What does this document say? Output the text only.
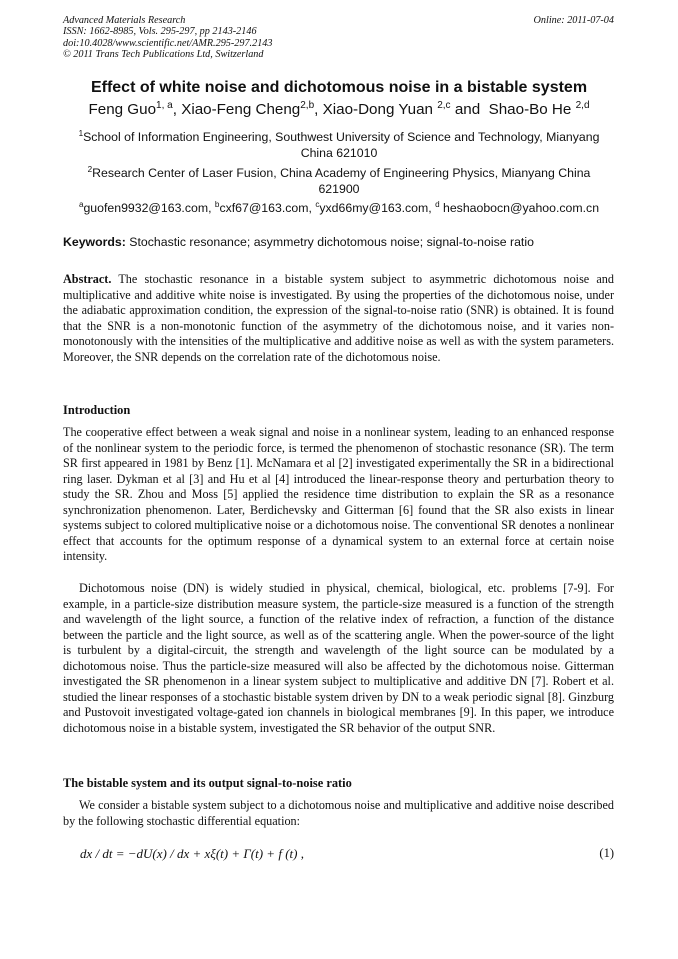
Advanced Materials Research
ISSN: 1662-8985, Vols. 295-297, pp 2143-2146
doi:10.4028/www.scientific.net/AMR.295-297.2143
© 2011 Trans Tech Publications Ltd, Switzerland
Online: 2011-07-04
Effect of white noise and dichotomous noise in a bistable system
Feng Guo$^{1, a}$, Xiao-Feng Cheng$^{2,b}$, Xiao-Dong Yuan $^{2,c}$ and Shao-Bo He $^{2,d}$
$^1$School of Information Engineering, Southwest University of Science and Technology, Mianyang China 621010
$^2$Research Center of Laser Fusion, China Academy of Engineering Physics, Mianyang China 621900
$^a$guofen9932@163.com, $^b$cxf67@163.com, $^c$yxd66my@163.com, $^d$ heshaobocn@yahoo.com.cn
Keywords: Stochastic resonance; asymmetry dichotomous noise; signal-to-noise ratio
Abstract. The stochastic resonance in a bistable system subject to asymmetric dichotomous noise and multiplicative and additive white noise is investigated. By using the properties of the dichotomous noise, under the adiabatic approximation condition, the expression of the signal-to-noise ratio (SNR) is obtained. It is found that the SNR is a non-monotonic function of the asymmetry of the dichotomous noise, and it varies non-monotonously with the intensities of the multiplicative and additive noise as well as with the system parameters. Moreover, the SNR depends on the correlation rate of the dichotomous noise.
Introduction
The cooperative effect between a weak signal and noise in a nonlinear system, leading to an enhanced response of the nonlinear system to the periodic force, is termed the phenomenon of stochastic resonance (SR). The term SR first appeared in 1981 by Benz [1]. McNamara et al [2] investigated experimentally the SR in a bidirectional ring laser. Dykman et al [3] and Hu et al [4] introduced the linear-response theory and perturbation theory to study the SR. Zhou and Moss [5] applied the residence time distribution to explain the SR as a resonance synchronization phenomenon. Later, Berdichevsky and Gitterman [6] found that the SR also exists in linear systems subject to colored multiplicative noise or a dichotomous noise. The conventional SR denotes a nonlinear effect that accounts for the optimum response of a dynamical system to an external force at certain noise intensity.
Dichotomous noise (DN) is widely studied in physical, chemical, biological, etc. problems [7-9]. For example, in a particle-size distribution measure system, the particle-size measured is a function of the strength and wavelength of the light source, a function of the relative index of refraction, a function of the distance between the particle and the light source, as well as of the scattering angle. When the power-source of the light is turbulent by a digital-circuit, the strength and wavelength of the light source can be modulated by a dichotomous noise. Thus the particle-size measured will also be affected by the dichotomous noise. Gitterman investigated the SR phenomenon in a linear system subject to multiplicative and additive DN [7]. Robert et al. studied the linear responses of a stochastic bistable system driven by DN to a weak periodic signal [8]. Ginzburg and Pustovoit investigated voltage-gated ion channels in biological membranes [9]. In this paper, we introduce dichotomous noise in a bistable system, investigated the SR behavior of the output SNR.
The bistable system and its output signal-to-noise ratio
We consider a bistable system subject to a dichotomous noise and multiplicative and additive noise described by the following stochastic differential equation:
dx / dt = −dU(x) / dx + xξ(t) + Γ(t) + f (t) ,	(1)
